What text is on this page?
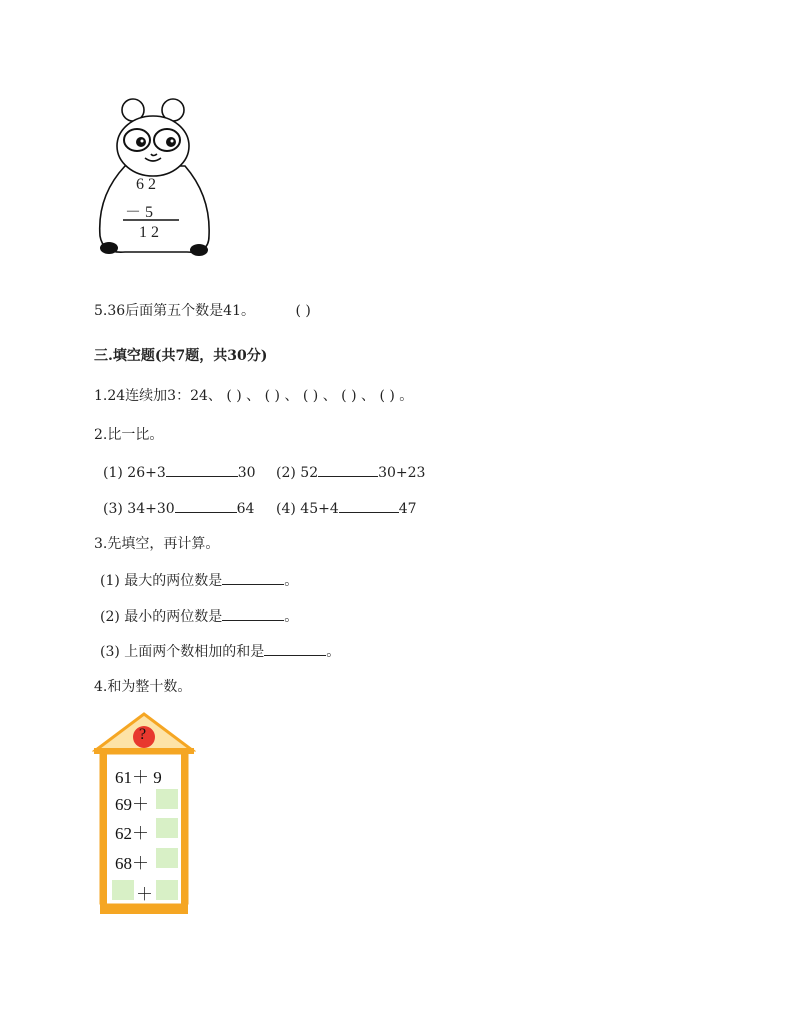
6 2
－ 5
1 2
5.36后面第五个数是41。	( )
三.填空题(共7题，共30分)
1.24连续加3：24、 ( ) 、 ( ) 、 ( ) 、 ( ) 、 ( ) 。
2.比一比。
(1) 26+3	30 (2) 52	30+23
(3) 34+30	64 (4) 45+4	47
3.先填空，再计算。
(1) 最大的两位数是	。
(2) 最小的两位数是	。
(3) 上面两个数相加的和是	。
4.和为整十数。
?
61＋ 9
69＋
62＋
68＋
＋
